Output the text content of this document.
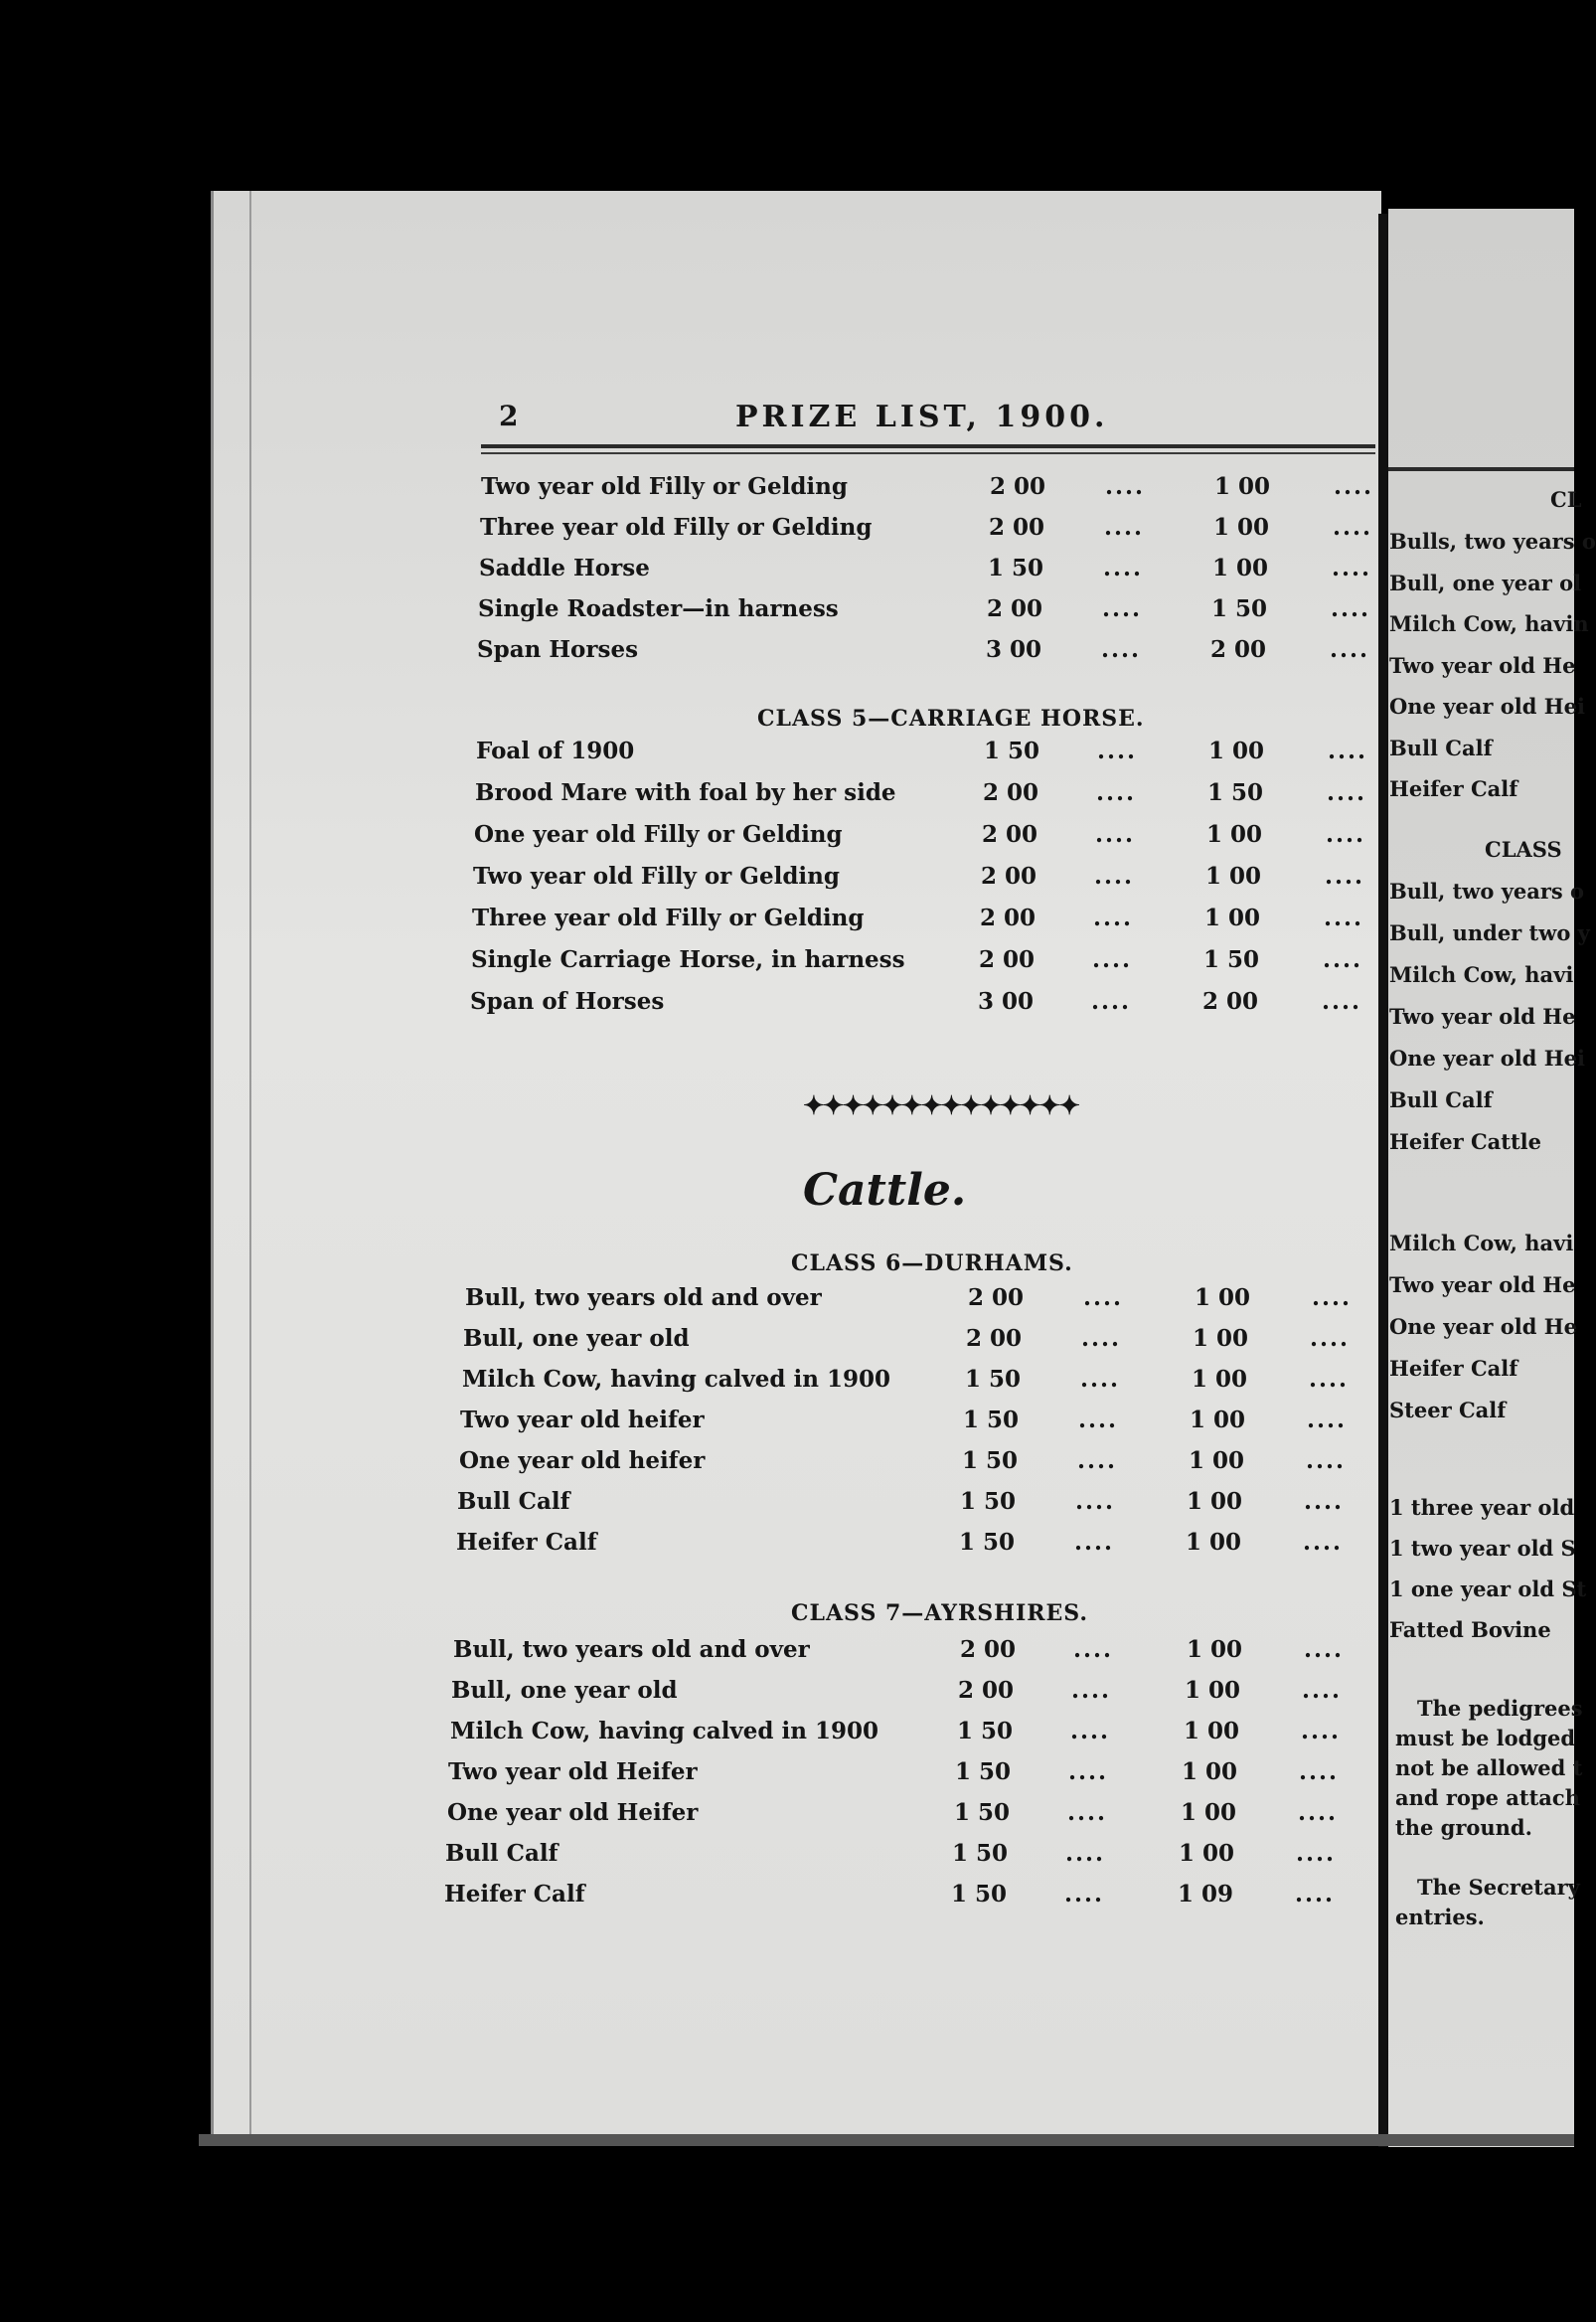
2	PRIZE LIST, 1900.
Two year old Filly or Gelding	2 00	....	1 00	....
Three year old Filly or Gelding	2 00	....	1 00	....
Saddle Horse	1 50	....	1 00	....
Single Roadster—in harness	2 00	....	1 50	....
Span Horses	3 00	....	2 00	....
CLASS 5—CARRIAGE HORSE.
Foal of 1900	1 50	....	1 00	....
Brood Mare with foal by her side	2 00	....	1 50	....
One year old Filly or Gelding	2 00	....	1 00	....
Two year old Filly or Gelding	2 00	....	1 00	....
Three year old Filly or Gelding	2 00	....	1 00	....
Single Carriage Horse, in harness	2 00	....	1 50	....
Span of Horses	3 00	....	2 00	....
CLASS 6—DURHAMS.
Bull, two years old and over	2 00	....	1 00	....
Bull, one year old	2 00	....	1 00	....
Milch Cow, having calved in 1900	1 50	....	1 00	....
Two year old heifer	1 50	....	1 00	....
One year old heifer	1 50	....	1 00	....
Bull Calf	1 50	....	1 00	....
Heifer Calf	1 50	....	1 00	....
CLASS 7—AYRSHIRES.
Bull, two years old and over	2 00	....	1 00	....
Bull, one year old	2 00	....	1 00	....
Milch Cow, having calved in 1900	1 50	....	1 00	....
Two year old Heifer	1 50	....	1 00	....
One year old Heifer	1 50	....	1 00	....
Bull Calf	1 50	....	1 00	....
Heifer Calf	1 50	....	1 09	....
✦✦✦✦✦✦✦✦✦✦✦✦✦✦
Cattle.
CL
Bulls, two years o
Bull, one year ol
Milch Cow, havin
Two year old He
One year old Hei
Bull Calf
Heifer Calf
CLASS
Bull, two years o
Bull, under two y
Milch Cow, havi
Two year old He
One year old Hei
Bull Calf
Heifer Cattle
Milch Cow, havi
Two year old He
One year old He
Heifer Calf
Steer Calf
1 three year old
1 two year old S
1 one year old St
Fatted Bovine
The pedigrees
must be lodged
not be allowed t
and rope attach
the ground.
The Secretary
entries.
